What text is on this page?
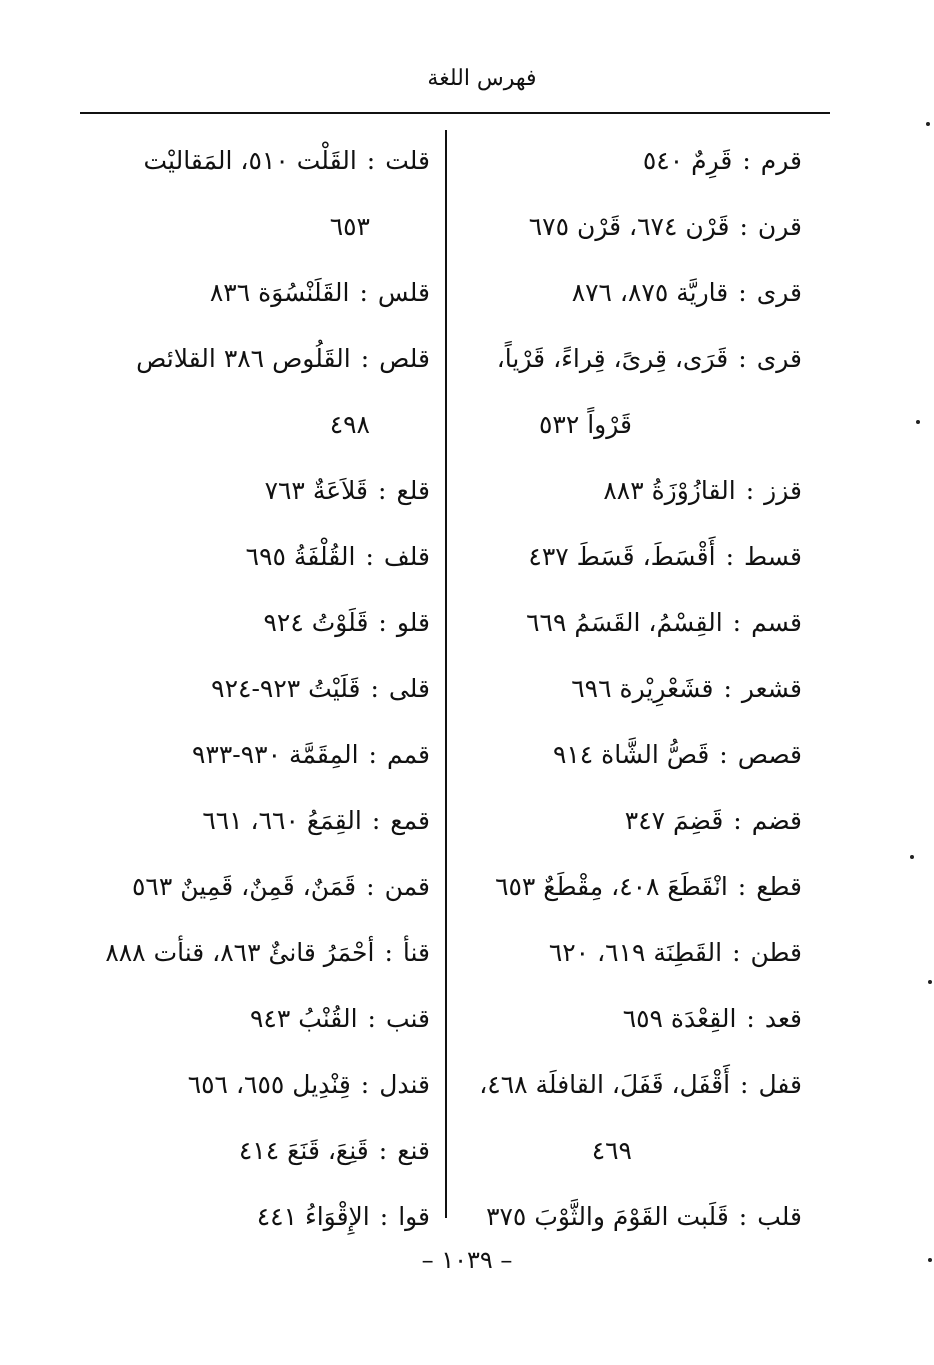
فهرس اللغة
قرم:قَرِمٌ ٥٤٠
قرن:قَرْن ٦٧٤، قَرْن ٦٧٥
قرى:قاريَّة ٨٧٥، ٨٧٦
قرى:قَرَى، قِرىً، قِراءً، قَرْياً،
قَرْواً ٥٣٢
قزز:القازُوْزَةُ ٨٨٣
قسط:أَقْسَطَ، قَسَطَ ٤٣٧
قسم:القِسْمُ، القَسَمُ ٦٦٩
قشعر:قشَعْرِيْرة ٦٩٦
قصص:قَصُّ الشَّاة ٩١٤
قضم:قَضِمَ ٣٤٧
قطع:انْقَطَعَ ٤٠٨، مِقْطَعٌ ٦٥٣
قطن:القَطِنَة ٦١٩، ٦٢٠
قعد:القِعْدَة ٦٥٩
قفل:أَقْفَل، قَفَلَ، القافلَة ٤٦٨،
٤٦٩
قلب:قَلَبت القَوْمَ والثَّوْبَ ٣٧٥
قلت:القَلْت ٥١٠، المَقاليْت
٦٥٣
قلس:القَلَنْسُوَة ٨٣٦
قلص:القَلُوص ٣٨٦ القلائص
٤٩٨
قلع:قَلاَعَةٌ ٧٦٣
قلف:القُلْفَةُ ٦٩٥
قلو:قَلَوْتُ ٩٢٤
قلى:قَلَيْتُ ٩٢٣-٩٢٤
قمم:المِقَمَّة ٩٣٠-٩٣٣
قمع:القِمَعُ ٦٦٠، ٦٦١
قمن:قَمَنٌ، قَمِنٌ، قَمِينٌ ٥٦٣
قنأ:أحْمَرُ قانئٌ ٨٦٣، قنأت ٨٨٨
قنب:القُنْبُ ٩٤٣
قندل:قِنْدِيل ٦٥٥، ٦٥٦
قنع:قَنِعَ، قَنَعَ ٤١٤
قوا:الإِقْوَاءُ ٤٤١
– ١٠٣٩ –
